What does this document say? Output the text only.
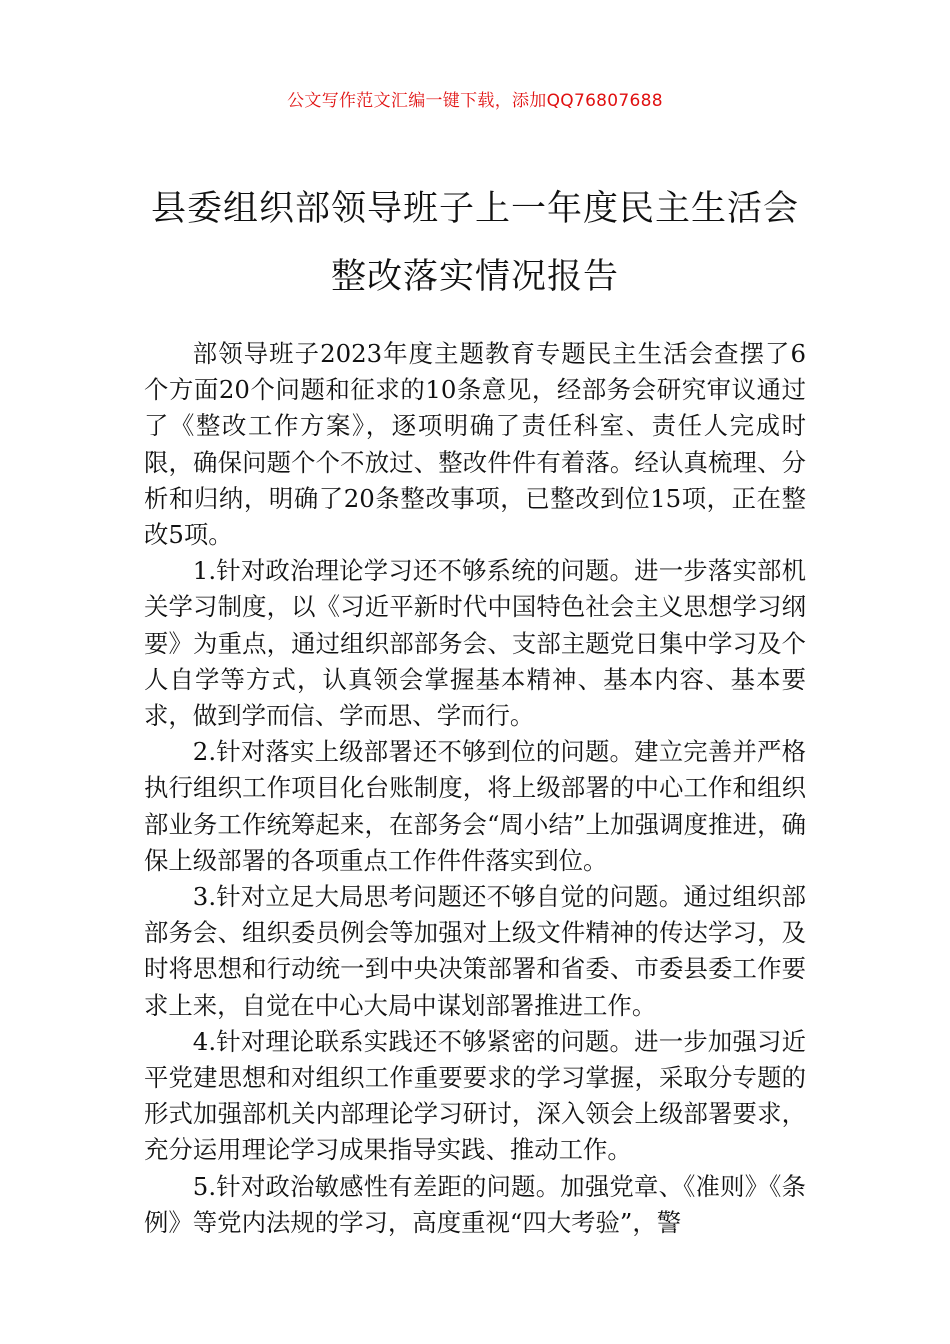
公文写作范文汇编一键下载，添加QQ76807688
县委组织部领导班子上一年度民主生活会
整改落实情况报告

部领导班子2023年度主题教育专题民主生活会查摆了6个方面20个问题和征求的10条意见，经部务会研究审议通过了《整改工作方案》，逐项明确了责任科室、责任人完成时限，确保问题个个不放过、整改件件有着落。经认真梳理、分析和归纳，明确了20条整改事项，已整改到位15项，正在整改5项。

1.针对政治理论学习还不够系统的问题。进一步落实部机关学习制度，以《习近平新时代中国特色社会主义思想学习纲要》为重点，通过组织部部务会、支部主题党日集中学习及个人自学等方式，认真领会掌握基本精神、基本内容、基本要求，做到学而信、学而思、学而行。

2.针对落实上级部署还不够到位的问题。建立完善并严格执行组织工作项目化台账制度，将上级部署的中心工作和组织部业务工作统筹起来，在部务会“周小结”上加强调度推进，确保上级部署的各项重点工作件件落实到位。

3.针对立足大局思考问题还不够自觉的问题。通过组织部部务会、组织委员例会等加强对上级文件精神的传达学习，及时将思想和行动统一到中央决策部署和省委、市委县委工作要求上来，自觉在中心大局中谋划部署推进工作。

4.针对理论联系实践还不够紧密的问题。进一步加强习近平党建思想和对组织工作重要要求的学习掌握，采取分专题的形式加强部机关内部理论学习研讨，深入领会上级部署要求，充分运用理论学习成果指导实践、推动工作。

5.针对政治敏感性有差距的问题。加强党章、《准则》《条例》等党内法规的学习，高度重视“四大考验”，警
